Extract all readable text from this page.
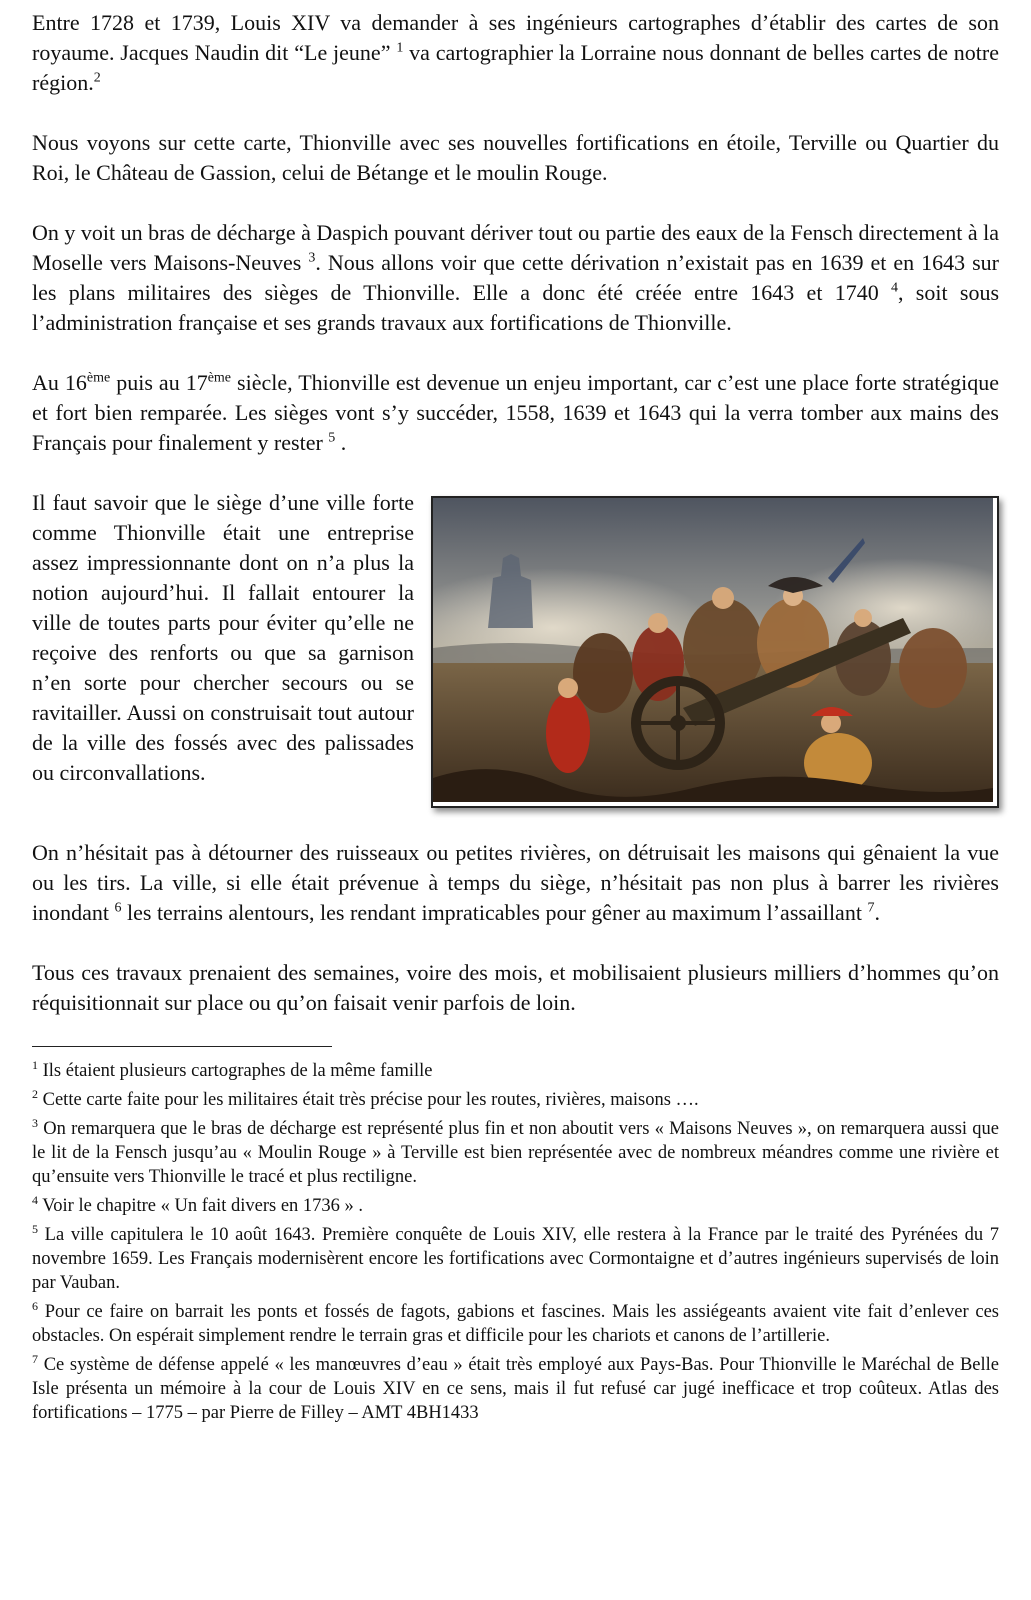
Entre 1728 et 1739, Louis XIV va demander à ses ingénieurs cartographes d’établir des cartes de son royaume. Jacques Naudin dit “Le jeune” $^1$ va cartographier la Lorraine nous donnant de belles cartes de notre région.$^2$

Nous voyons sur cette carte, Thionville avec ses nouvelles fortifications en étoile, Terville ou Quartier du Roi, le Château de Gassion, celui de Bétange et le moulin Rouge.

On y voit un bras de décharge à Daspich pouvant dériver tout ou partie des eaux de la Fensch directement à la Moselle vers Maisons-Neuves $^3$. Nous allons voir que cette dérivation n’existait pas en 1639 et en 1643 sur les plans militaires des sièges de Thionville. Elle a donc été créée entre 1643 et 1740 $^4$, soit sous l’administration française et ses grands travaux aux fortifications de Thionville.

Au 16ème puis au 17ème siècle, Thionville est devenue un enjeu important, car c’est une place forte stratégique et fort bien remparée. Les sièges vont s’y succéder, 1558, 1639 et 1643 qui la verra tomber aux mains des Français pour finalement y rester $^5$ .

Il faut savoir que le siège d’une ville forte comme Thionville était une entreprise assez impressionnante dont on n’a plus la notion aujourd’hui. Il fallait entourer la ville de toutes parts pour éviter qu’elle ne reçoive des renforts ou que sa garnison n’en sorte pour chercher secours ou se ravitailler. Aussi on construisait tout autour de la ville des fossés avec des palissades ou circonvallations.

On n’hésitait pas à détourner des ruisseaux ou petites rivières, on détruisait les maisons qui gênaient la vue ou les tirs. La ville, si elle était prévenue à temps du siège, n’hésitait pas non plus à barrer les rivières inondant $^6$ les terrains alentours, les rendant impraticables pour gêner au maximum l’assaillant $^7$.

Tous ces travaux prenaient des semaines, voire des mois, et mobilisaient plusieurs milliers d’hommes qu’on réquisitionnait sur place ou qu’on faisait venir parfois de loin.

$^1$ Ils étaient plusieurs cartographes de la même famille

$^2$ Cette carte faite pour les militaires était très précise pour les routes, rivières, maisons ….

$^3$ On remarquera que le bras de décharge est représenté plus fin et non aboutit vers « Maisons Neuves », on remarquera aussi que le lit de la Fensch jusqu’au « Moulin Rouge » à Terville est bien représentée avec de nombreux méandres comme une rivière et qu’ensuite vers Thionville le tracé et plus rectiligne.

$^4$ Voir le chapitre « Un fait divers en 1736 » .

$^5$ La ville capitulera le 10 août 1643. Première conquête de Louis XIV, elle restera à la France par le traité des Pyrénées du 7 novembre 1659. Les Français modernisèrent encore les fortifications avec Cormontaigne et d’autres ingénieurs supervisés de loin par Vauban.

$^6$ Pour ce faire on barrait les ponts et fossés de fagots, gabions et fascines. Mais les assiégeants avaient vite fait d’enlever ces obstacles. On espérait simplement rendre le terrain gras et difficile pour les chariots et canons de l’artillerie.

$^7$ Ce système de défense appelé « les manœuvres d’eau » était très employé aux Pays-Bas. Pour Thionville le Maréchal de Belle Isle présenta un mémoire à la cour de Louis XIV en ce sens, mais il fut refusé car jugé inefficace et trop coûteux. Atlas des fortifications – 1775 – par Pierre de Filley – AMT 4BH1433
